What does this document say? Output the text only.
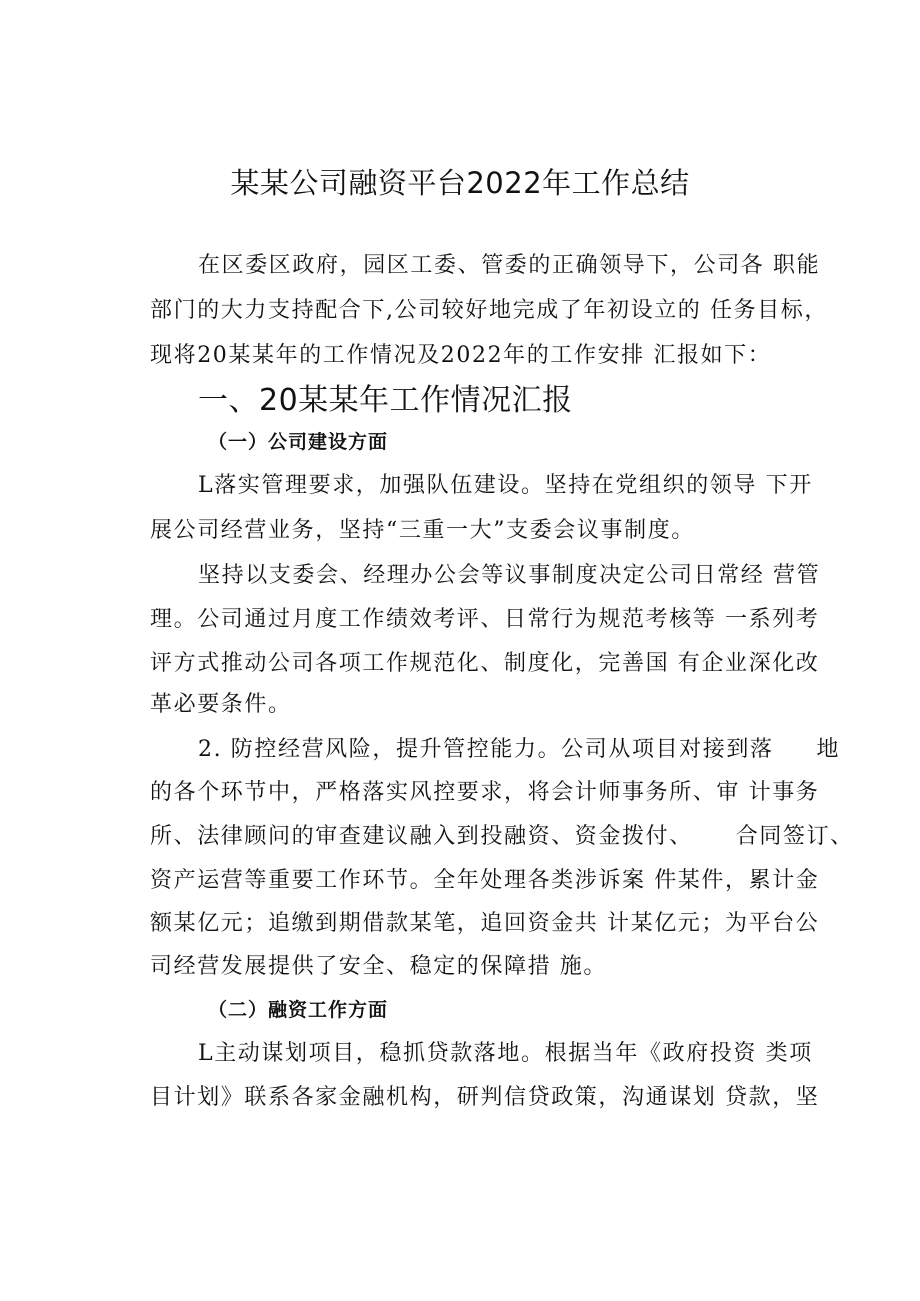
某某公司融资平台2022年工作总结
在区委区政府，园区工委、管委的正确领导下，公司各 职能
部门的大力支持配合下,公司较好地完成了年初设立的 任务目标，
现将20某某年的工作情况及2022年的工作安排 汇报如下：
一、20某某年工作情况汇报
（一）公司建设方面
L落实管理要求，加强队伍建设。坚持在党组织的领导 下开
展公司经营业务，坚持“三重一大”支委会议事制度。
坚持以支委会、经理办公会等议事制度决定公司日常经 营管
理。公司通过月度工作绩效考评、日常行为规范考核等 一系列考
评方式推动公司各项工作规范化、制度化，完善国 有企业深化改
革必要条件。
2. 防控经营风险，提升管控能力。公司从项目对接到落     地
的各个环节中，严格落实风控要求，将会计师事务所、审 计事务
所、法律顾问的审查建议融入到投融资、资金拨付、     合同签订、
资产运营等重要工作环节。全年处理各类涉诉案 件某件，累计金
额某亿元；追缴到期借款某笔，追回资金共 计某亿元；为平台公
司经营发展提供了安全、稳定的保障措 施。
（二）融资工作方面
L主动谋划项目，稳抓贷款落地。根据当年《政府投资 类项
目计划》联系各家金融机构，研判信贷政策，沟通谋划 贷款，坚
